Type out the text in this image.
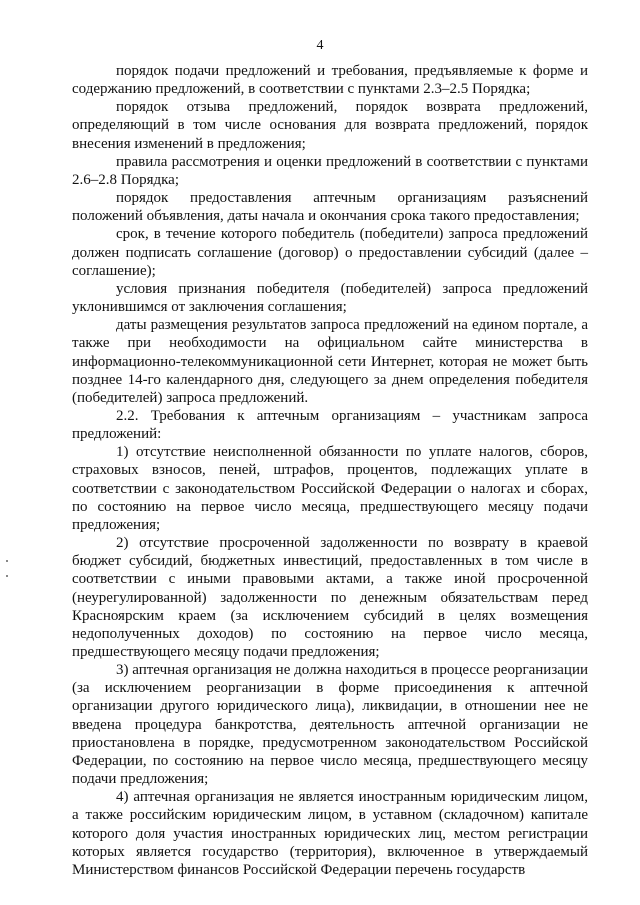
4

порядок подачи предложений и требования, предъявляемые к форме и содержанию предложений, в соответствии с пунктами 2.3–2.5 Порядка;

порядок отзыва предложений, порядок возврата предложений, определяющий в том числе основания для возврата предложений, порядок внесения изменений в предложения;

правила рассмотрения и оценки предложений в соответствии с пунктами 2.6–2.8 Порядка;

порядок предоставления аптечным организациям разъяснений положений объявления, даты начала и окончания срока такого предоставления;

срок, в течение которого победитель (победители) запроса предложений должен подписать соглашение (договор) о предоставлении субсидий (далее – соглашение);

условия признания победителя (победителей) запроса предложений уклонившимся от заключения соглашения;

даты размещения результатов запроса предложений на едином портале, а также при необходимости на официальном сайте министерства в информационно-телекоммуникационной сети Интернет, которая не может быть позднее 14-го календарного дня, следующего за днем определения победителя (победителей) запроса предложений.

2.2. Требования к аптечным организациям – участникам запроса предложений:

1) отсутствие неисполненной обязанности по уплате налогов, сборов, страховых взносов, пеней, штрафов, процентов, подлежащих уплате в соответствии с законодательством Российской Федерации о налогах и сборах, по состоянию на первое число месяца, предшествующего месяцу подачи предложения;

2) отсутствие просроченной задолженности по возврату в краевой бюджет субсидий, бюджетных инвестиций, предоставленных в том числе в соответствии с иными правовыми актами, а также иной просроченной (неурегулированной) задолженности по денежным обязательствам перед Красноярским краем (за исключением субсидий в целях возмещения недополученных доходов) по состоянию на первое число месяца, предшествующего месяцу подачи предложения;

3) аптечная организация не должна находиться в процессе реорганизации (за исключением реорганизации в форме присоединения к аптечной организации другого юридического лица), ликвидации, в отношении нее не введена процедура банкротства, деятельность аптечной организации не приостановлена в порядке, предусмотренном законодательством Российской Федерации, по состоянию на первое число месяца, предшествующего месяцу подачи предложения;

4) аптечная организация не является иностранным юридическим лицом, а также российским юридическим лицом, в уставном (складочном) капитале которого доля участия иностранных юридических лиц, местом регистрации которых является государство (территория), включенное в утверждаемый Министерством финансов Российской Федерации перечень государств
